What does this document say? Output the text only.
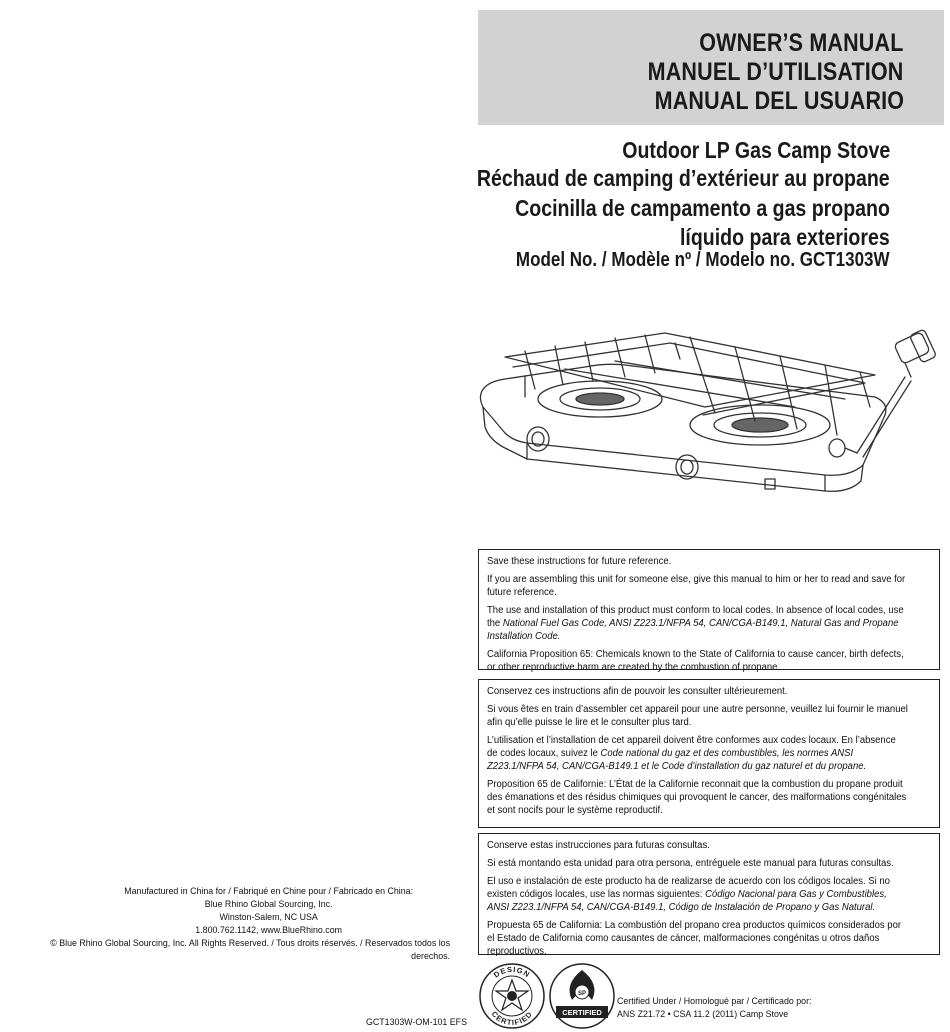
OWNER’S MANUAL
MANUEL D’UTILISATION
MANUAL DEL USUARIO
Outdoor LP Gas Camp Stove
Réchaud de camping d’extérieur au propane
Cocinilla de campamento a gas propano
líquido para exteriores
Model No. / Modèle nº / Modelo no. GCT1303W

Save these instructions for future reference.

If you are assembling this unit for someone else, give this manual to him or her to read and save for future reference.

The use and installation of this product must conform to local codes. In absence of local codes, use the National Fuel Gas Code, ANSI Z223.1/NFPA 54, CAN/CGA-B149.1, Natural Gas and Propane Installation Code.

California Proposition 65: Chemicals known to the State of California to cause cancer, birth defects, or other reproductive harm are created by the combustion of propane.

Conservez ces instructions afin de pouvoir les consulter ultérieurement.

Si vous êtes en train d’assembler cet appareil pour une autre personne, veuillez lui fournir le manuel afin qu’elle puisse le lire et le consulter plus tard.

L’utilisation et l’installation de cet appareil doivent être conformes aux codes locaux. En l’absence de codes locaux, suivez le Code national du gaz et des combustibles, les normes ANSI Z223.1/NFPA 54, CAN/CGA-B149.1 et le Code d’installation du gaz naturel et du propane.

Proposition 65 de Californie: L’État de la Californie reconnait que la combustion du propane produit des émanations et des résidus chimiques qui provoquent le cancer, des malformations congénitales et sont nocifs pour le système reproductif.

Conserve estas instrucciones para futuras consultas.

Si está montando esta unidad para otra persona, entréguele este manual para futuras consultas.

El uso e instalación de este producto ha de realizarse de acuerdo con los códigos locales. Si no existen códigos locales, use las normas siguientes: Código Nacional para Gas y Combustibles, ANSI Z223.1/NFPA 54, CAN/CGA-B149.1, Código de Instalación de Propano y Gas Natural.

Propuesta 65 de California: La combustión del propano crea productos químicos considerados por el Estado de California como causantes de cáncer, malformaciones congénitas u otros daños reproductivos.

Manufactured in China for / Fabriqué en Chine pour / Fabricado en China:
Blue Rhino Global Sourcing, Inc.
Winston-Salem, NC USA
1.800.762.1142, www.BlueRhino.com
© Blue Rhino Global Sourcing, Inc. All Rights Reserved. / Tous droits réservés. / Reservados todos los derechos.
GCT1303W-OM-101 EFS
DESIGN
CERTIFIED
SP
CERTIFIED
Certified Under / Homologué par / Certificado por:
ANS Z21.72 • CSA 11.2 (2011) Camp Stove
